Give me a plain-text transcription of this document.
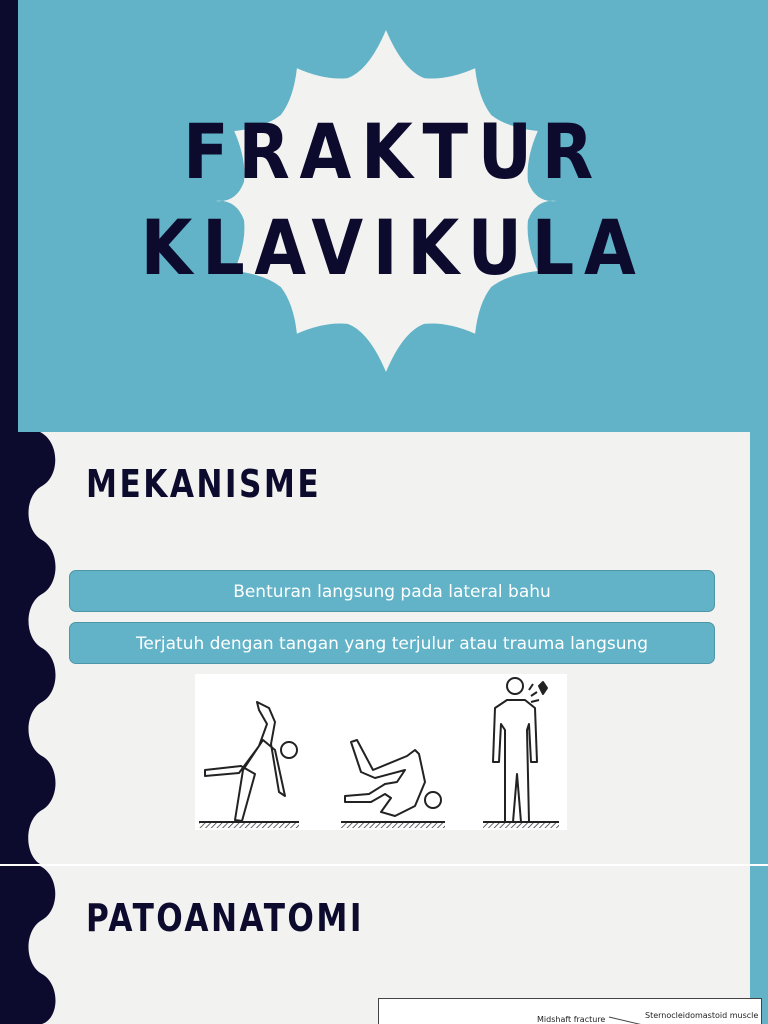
FRAKTUR
KLAVIKULA
MEKANISME
Benturan langsung pada lateral bahu
Terjatuh dengan tangan yang terjulur atau trauma langsung
PATOANATOMI
Midshaft fracture	Sternocleidomastoid muscle
